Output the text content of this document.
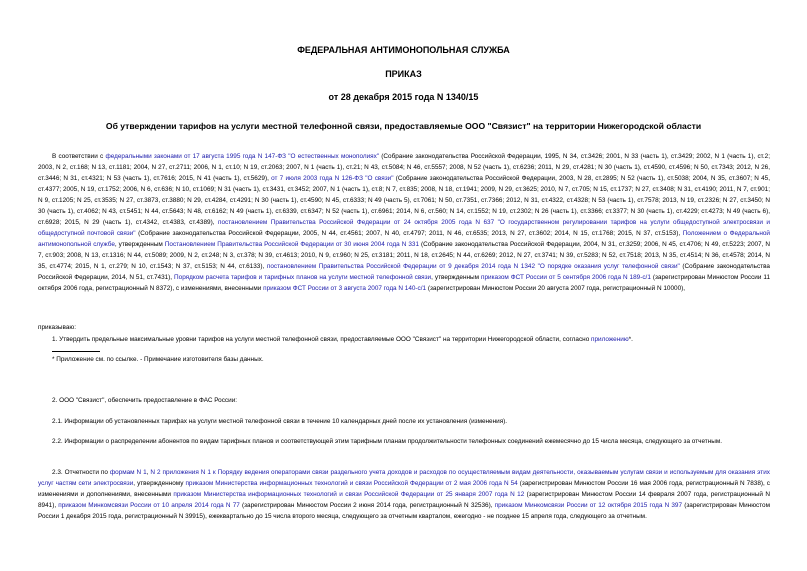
ФЕДЕРАЛЬНАЯ АНТИМОНОПОЛЬНАЯ СЛУЖБА
ПРИКАЗ
от 28 декабря 2015 года N 1340/15
Об утверждении тарифов на услуги местной телефонной связи, предоставляемые ООО "Связист" на территории Нижегородской области
В соответствии с федеральными законами от 17 августа 1995 года N 147-ФЗ "О естественных монополиях" (Собрание законодательства Российской Федерации, 1995, N 34, ст.3426; 2001, N 33 (часть 1), ст.3429; 2002, N 1 (часть 1), ст.2; 2003, N 2, ст.168; N 13, ст.1181; 2004, N 27, ст.2711; 2006, N 1, ст.10; N 19, ст.2063; 2007, N 1 (часть 1), ст.21; N 43, ст.5084; N 46, ст.5557; 2008, N 52 (часть 1), ст.6236; 2011, N 29, ст.4281; N 30 (часть 1), ст.4590, ст.4596; N 50, ст.7343; 2012, N 26, ст.3446; N 31, ст.4321; N 53 (часть 1), ст.7616; 2015, N 41 (часть 1), ст.5629), от 7 июля 2003 года N 126-ФЗ "О связи" (Собрание законодательства Российской Федерации, 2003, N 28, ст.2895; N 52 (часть 1), ст.5038; 2004, N 35, ст.3607; N 45, ст.4377; 2005, N 19, ст.1752; 2006, N 6, ст.636; N 10, ст.1069; N 31 (часть 1), ст.3431, ст.3452; 2007, N 1 (часть 1), ст.8; N 7, ст.835; 2008, N 18, ст.1941; 2009, N 29, ст.3625; 2010, N 7, ст.705; N 15, ст.1737; N 27, ст.3408; N 31, ст.4190; 2011, N 7, ст.901; N 9, ст.1205; N 25, ст.3535; N 27, ст.3873, ст.3880; N 29, ст.4284, ст.4291; N 30 (часть 1), ст.4590; N 45, ст.6333; N 49 (часть 5), ст.7061; N 50, ст.7351, ст.7366; 2012, N 31, ст.4322, ст.4328; N 53 (часть 1), ст.7578; 2013, N 19, ст.2326; N 27, ст.3450; N 30 (часть 1), ст.4062; N 43, ст.5451; N 44, ст.5643; N 48, ст.6162; N 49 (часть 1), ст.6339, ст.6347; N 52 (часть 1), ст.6961; 2014, N 6, ст.560; N 14, ст.1552; N 19, ст.2302; N 26 (часть 1), ст.3366; ст.3377; N 30 (часть 1), ст.4229; ст.4273; N 49 (часть 6), ст.6928; 2015, N 29 (часть 1), ст.4342, ст.4383, ст.4389), постановлением Правительства Российской Федерации от 24 октября 2005 года N 637 "О государственном регулировании тарифов на услуги общедоступной электросвязи и общедоступной почтовой связи" (Собрание законодательства Российской Федерации, 2005, N 44, ст.4561; 2007, N 40, ст.4797; 2011, N 46, ст.6535; 2013, N 27, ст.3602; 2014, N 15, ст.1768; 2015, N 37, ст.5153), Положением о Федеральной антимонопольной службе, утвержденным Постановлением Правительства Российской Федерации от 30 июня 2004 года N 331 (Собрание законодательства Российской Федерации, 2004, N 31, ст.3259; 2006, N 45, ст.4706; N 49, ст.5223; 2007, N 7, ст.903; 2008, N 13, ст.1316; N 44, ст.5089; 2009, N 2, ст.248; N 3, ст.378; N 39, ст.4613; 2010, N 9, ст.960; N 25, ст.3181; 2011, N 18, ст.2645; N 44, ст.6269; 2012, N 27, ст.3741; N 39, ст.5283; N 52, ст.7518; 2013, N 35, ст.4514; N 36, ст.4578; 2014, N 35, ст.4774; 2015, N 1, ст.279; N 10, ст.1543; N 37, ст.5153; N 44, ст.6133), постановлением Правительства Российской Федерации от 9 декабря 2014 года N 1342 "О порядке оказания услуг телефонной связи" (Собрание законодательства Российской Федерации, 2014, N 51, ст.7431), Порядком расчета тарифов и тарифных планов на услуги местной телефонной связи, утвержденным приказом ФСТ России от 5 сентября 2006 года N 189-с/1 (зарегистрирован Минюстом России 11 октября 2006 года, регистрационный N 8372), с изменениями, внесенными приказом ФСТ России от 3 августа 2007 года N 140-с/1 (зарегистрирован Минюстом России 20 августа 2007 года, регистрационный N 10000),
приказываю:
1. Утвердить предельные максимальные уровни тарифов на услуги местной телефонной связи, предоставляемые ООО "Связист" на территории Нижегородской области, согласно приложению*.
* Приложение см. по ссылке. - Примечание изготовителя базы данных.
2. ООО "Связист", обеспечить предоставление в ФАС России:
2.1. Информации об установленных тарифах на услуги местной телефонной связи в течение 10 календарных дней после их установления (изменения).
2.2. Информации о распределении абонентов по видам тарифных планов и соответствующей этим тарифным планам продолжительности телефонных соединений ежемесячно до 15 числа месяца, следующего за отчетным.
2.3. Отчетности по формам N 1, N 2 приложения N 1 к Порядку ведения операторами связи раздельного учета доходов и расходов по осуществляемым видам деятельности, оказываемым услугам связи и используемым для оказания этих услуг частям сети электросвязи, утвержденному приказом Министерства информационных технологий и связи Российской Федерации от 2 мая 2006 года N 54 (зарегистрирован Минюстом России 16 мая 2006 года, регистрационный N 7838), с изменениями и дополнениями, внесенными приказом Министерства информационных технологий и связи Российской Федерации от 25 января 2007 года N 12 (зарегистрирован Минюстом России 14 февраля 2007 года, регистрационный N 8941), приказом Минкомсвязи России от 10 апреля 2014 года N 77 (зарегистрирован Минюстом России 2 июня 2014 года, регистрационный N 32536), приказом Минкомсвязи России от 12 октября 2015 года N 397 (зарегистрирован Минюстом России 1 декабря 2015 года, регистрационный N 39915), ежеквартально до 15 числа второго месяца, следующего за отчетным кварталом, ежегодно - не позднее 15 апреля года, следующего за отчетным.
